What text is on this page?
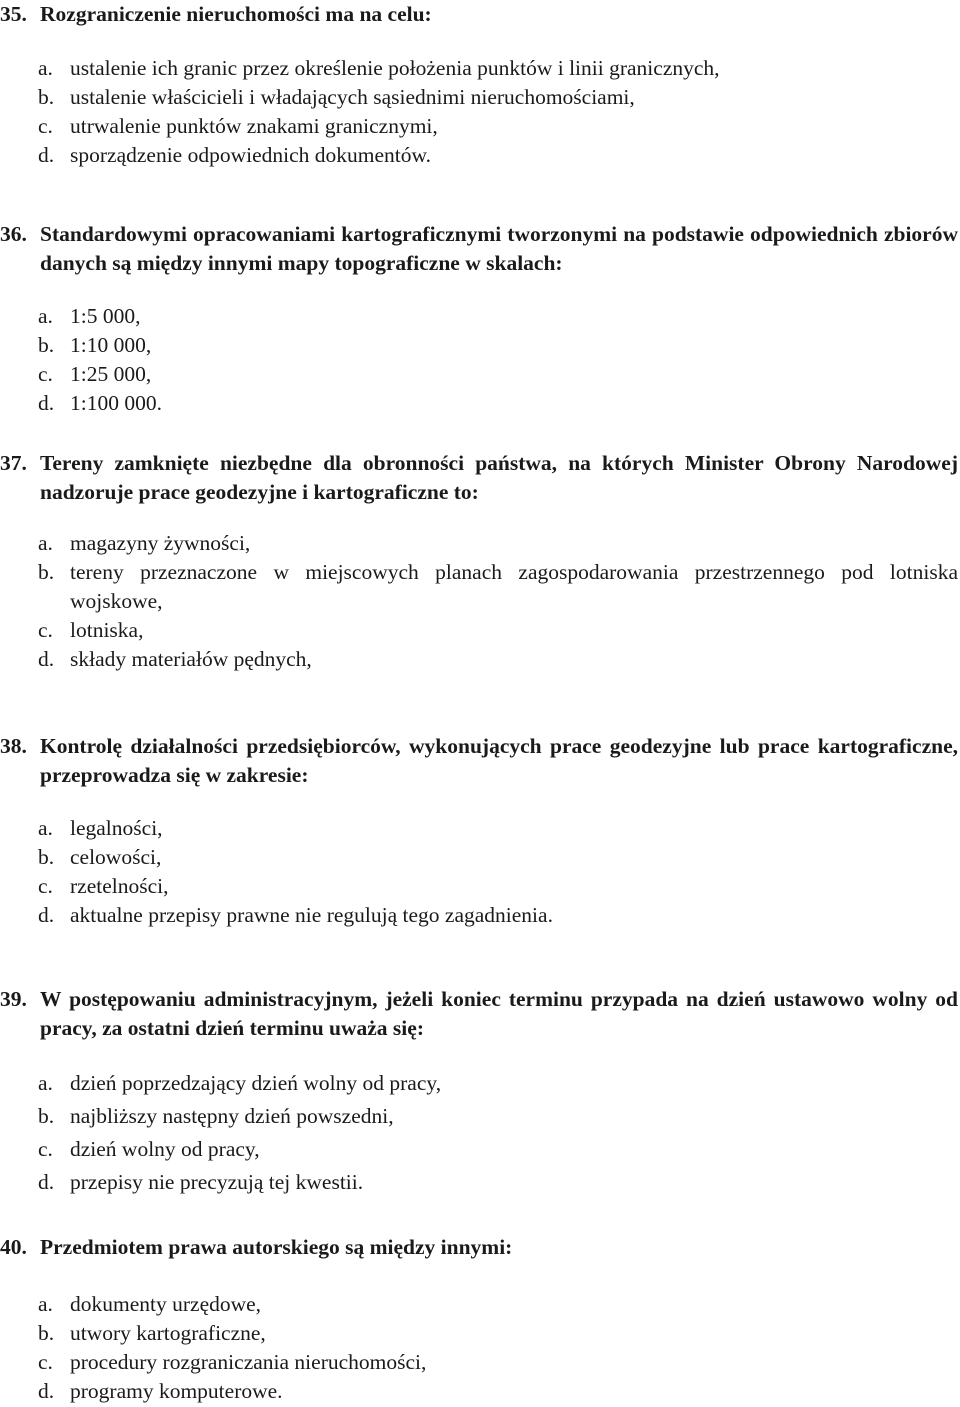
35. Rozgraniczenie nieruchomości ma na celu:
a. ustalenie ich granic przez określenie położenia punktów i linii granicznych,
b. ustalenie właścicieli i władających sąsiednimi nieruchomościami,
c. utrwalenie punktów znakami granicznymi,
d. sporządzenie odpowiednich dokumentów.
36. Standardowymi opracowaniami kartograficznymi tworzonymi na podstawie odpowiednich zbiorów danych są między innymi mapy topograficzne w skalach:
a. 1:5 000,
b. 1:10 000,
c. 1:25 000,
d. 1:100 000.
37. Tereny zamknięte niezbędne dla obronności państwa, na których Minister Obrony Narodowej nadzoruje prace geodezyjne i kartograficzne to:
a. magazyny żywności,
b. tereny przeznaczone w miejscowych planach zagospodarowania przestrzennego pod lotniska wojskowe,
c. lotniska,
d. składy materiałów pędnych,
38. Kontrolę działalności przedsiębiorców, wykonujących prace geodezyjne lub prace kartograficzne, przeprowadza się w zakresie:
a. legalności,
b. celowości,
c. rzetelności,
d. aktualne przepisy prawne nie regulują tego zagadnienia.
39. W postępowaniu administracyjnym, jeżeli koniec terminu przypada na dzień ustawowo wolny od pracy, za ostatni dzień terminu uważa się:
a. dzień poprzedzający dzień wolny od pracy,
b. najbliższy następny dzień powszedni,
c. dzień wolny od pracy,
d. przepisy nie precyzują tej kwestii.
40. Przedmiotem prawa autorskiego są między innymi:
a. dokumenty urzędowe,
b. utwory kartograficzne,
c. procedury rozgraniczania nieruchomości,
d. programy komputerowe.
